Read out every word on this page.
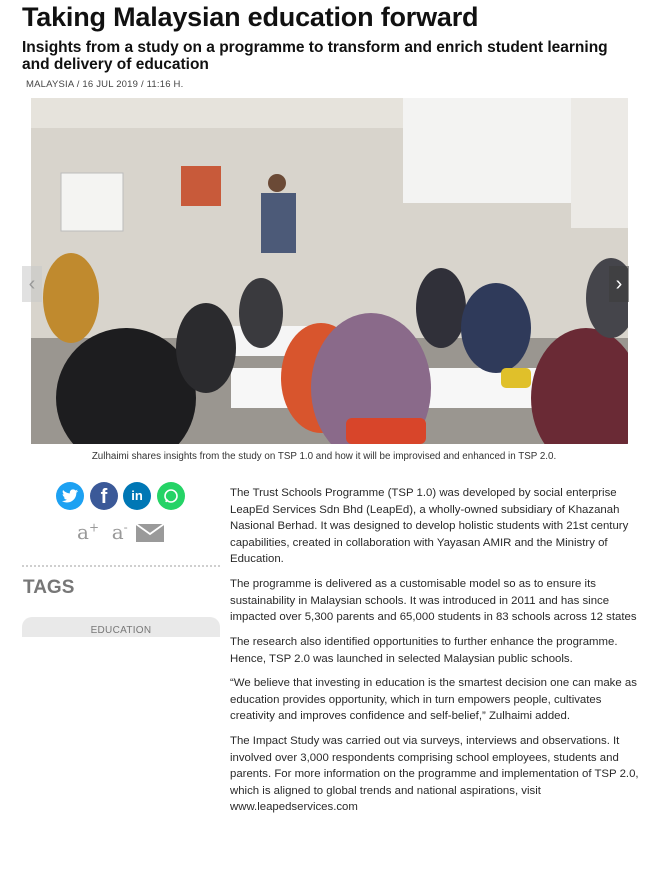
Taking Malaysian education forward
Insights from a study on a programme to transform and enrich student learning and delivery of education
MALAYSIA / 16 JUL 2019 / 11:16 H.
‹	›
Zulhaimi shares insights from the study on TSP 1.0 and how it will be improvised and enhanced in TSP 2.0.
f	in
a+ a-
TAGS
EDUCATION

The Trust Schools Programme (TSP 1.0) was developed by social enterprise LeapEd Services Sdn Bhd (LeapEd), a wholly-owned subsidiary of Khazanah Nasional Berhad. It was designed to develop holistic students with 21st century capabilities, created in collaboration with Yayasan AMIR and the Ministry of Education.

The programme is delivered as a customisable model so as to ensure its sustainability in Malaysian schools. It was introduced in 2011 and has since impacted over 5,300 parents and 65,000 students in 83 schools across 12 states

The research also identified opportunities to further enhance the programme. Hence, TSP 2.0 was launched in selected Malaysian public schools.

“We believe that investing in education is the smartest decision one can make as education provides opportunity, which in turn empowers people, cultivates creativity and improves confidence and self-belief,” Zulhaimi added.

The Impact Study was carried out via surveys, interviews and observations. It involved over 3,000 respondents comprising school employees, students and parents. For more information on the programme and implementation of TSP 2.0, which is aligned to global trends and national aspirations, visit www.leapedservices.com
